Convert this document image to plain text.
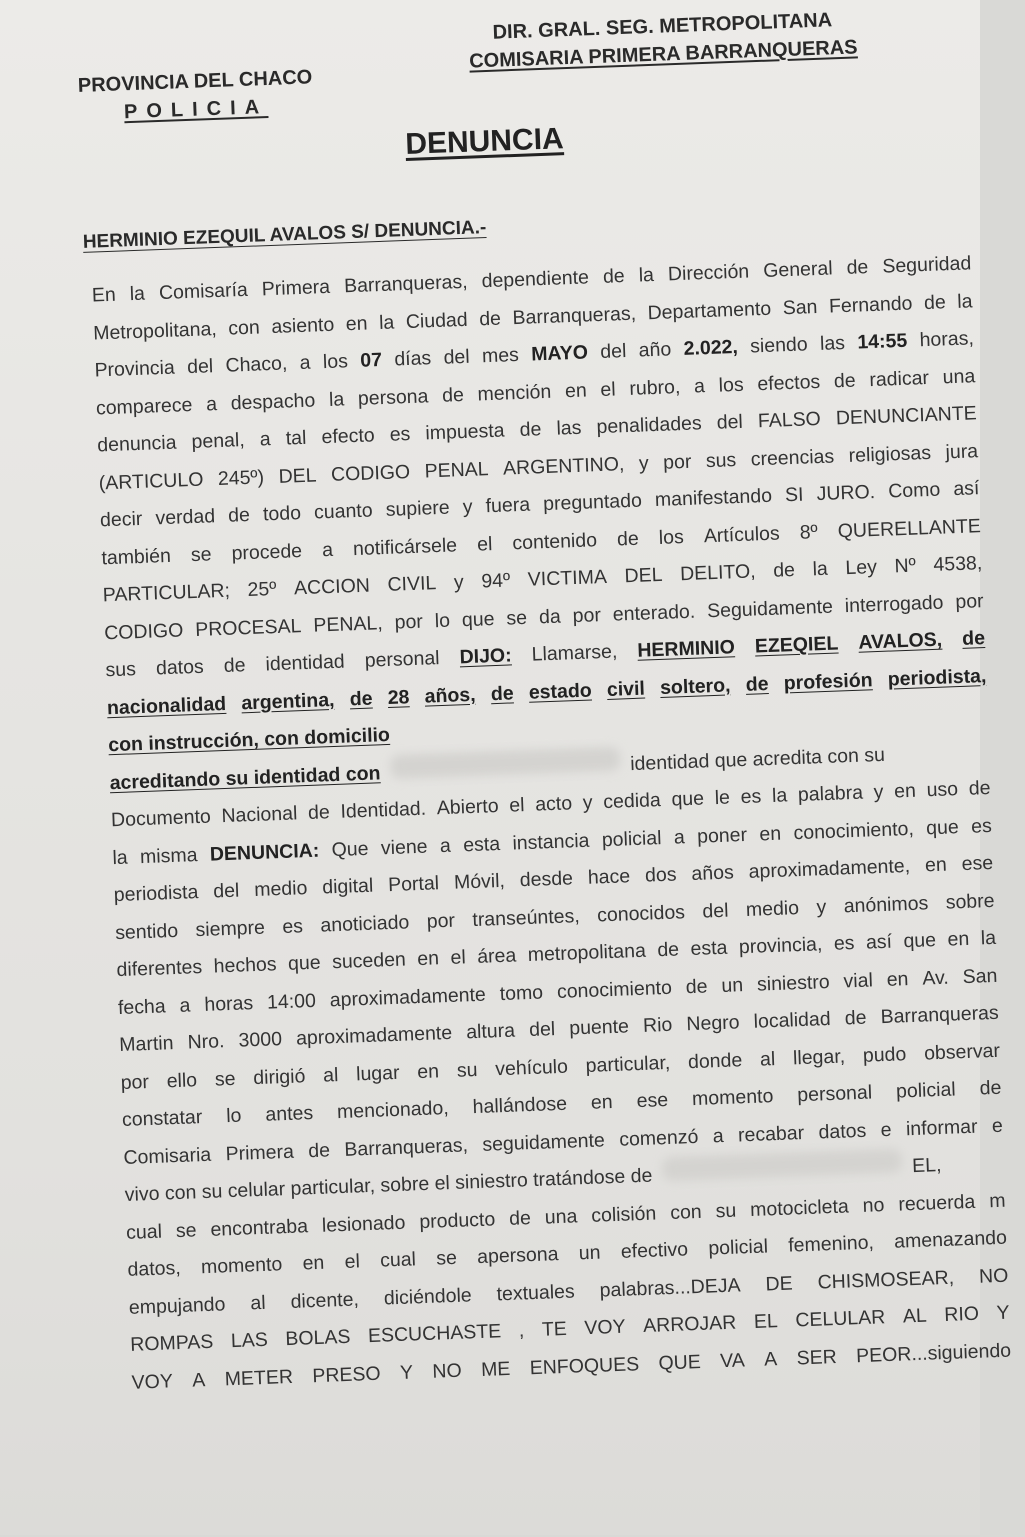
PROVINCIA DEL CHACO
POLICIA
DIR. GRAL. SEG. METROPOLITANA
COMISARIA PRIMERA BARRANQUERAS
DENUNCIA
HERMINIO EZEQUIL AVALOS S/ DENUNCIA.-
En la Comisaría Primera Barranqueras, dependiente de la Dirección General de Seguridad
Metropolitana, con asiento en la Ciudad de Barranqueras, Departamento San Fernando de la
Provincia del Chaco, a los 07 días del mes MAYO del año 2.022, siendo las 14:55 horas,
comparece a despacho la persona de mención en el rubro, a los efectos de radicar una
denuncia penal, a tal efecto es impuesta de las penalidades del FALSO DENUNCIANTE
(ARTICULO 245º) DEL CODIGO PENAL ARGENTINO, y por sus creencias religiosas jura
decir verdad de todo cuanto supiere y fuera preguntado manifestando SI JURO. Como así
también se procede a notificársele el contenido de los Artículos 8º QUERELLANTE
PARTICULAR; 25º ACCION CIVIL y 94º VICTIMA DEL DELITO, de la Ley Nº 4538,
CODIGO PROCESAL PENAL, por lo que se da por enterado. Seguidamente interrogado por
sus datos de identidad personal DIJO: Llamarse, HERMINIO EZEQIEL AVALOS, de
nacionalidad argentina, de 28 años, de estado civil soltero, de profesión periodista,
con instrucción, con domicilio
acreditando su identidad con
identidad que acredita con su
Documento Nacional de Identidad. Abierto el acto y cedida que le es la palabra y en uso de
la misma DENUNCIA: Que viene a esta instancia policial a poner en conocimiento, que es
periodista del medio digital Portal Móvil, desde hace dos años aproximadamente, en ese
sentido siempre es anoticiado por transeúntes, conocidos del medio y anónimos sobre
diferentes hechos que suceden en el área metropolitana de esta provincia, es así que en la
fecha a horas 14:00 aproximadamente tomo conocimiento de un siniestro vial en Av. San
Martin Nro. 3000 aproximadamente altura del puente Rio Negro localidad de Barranqueras
por ello se dirigió al lugar en su vehículo particular, donde al llegar, pudo observar
constatar lo antes mencionado, hallándose en ese momento personal policial de
Comisaria Primera de Barranqueras, seguidamente comenzó a recabar datos e informar e
vivo con su celular particular, sobre el siniestro tratándose de	EL,
cual se encontraba lesionado producto de una colisión con su motocicleta no recuerda m
datos, momento en el cual se apersona un efectivo policial femenino, amenazando
empujando al dicente, diciéndole textuales palabras...DEJA DE CHISMOSEAR, NO
ROMPAS LAS BOLAS ESCUCHASTE , TE VOY ARROJAR EL CELULAR AL RIO Y
VOY A METER PRESO Y NO ME ENFOQUES QUE VA A SER PEOR...siguiendo
